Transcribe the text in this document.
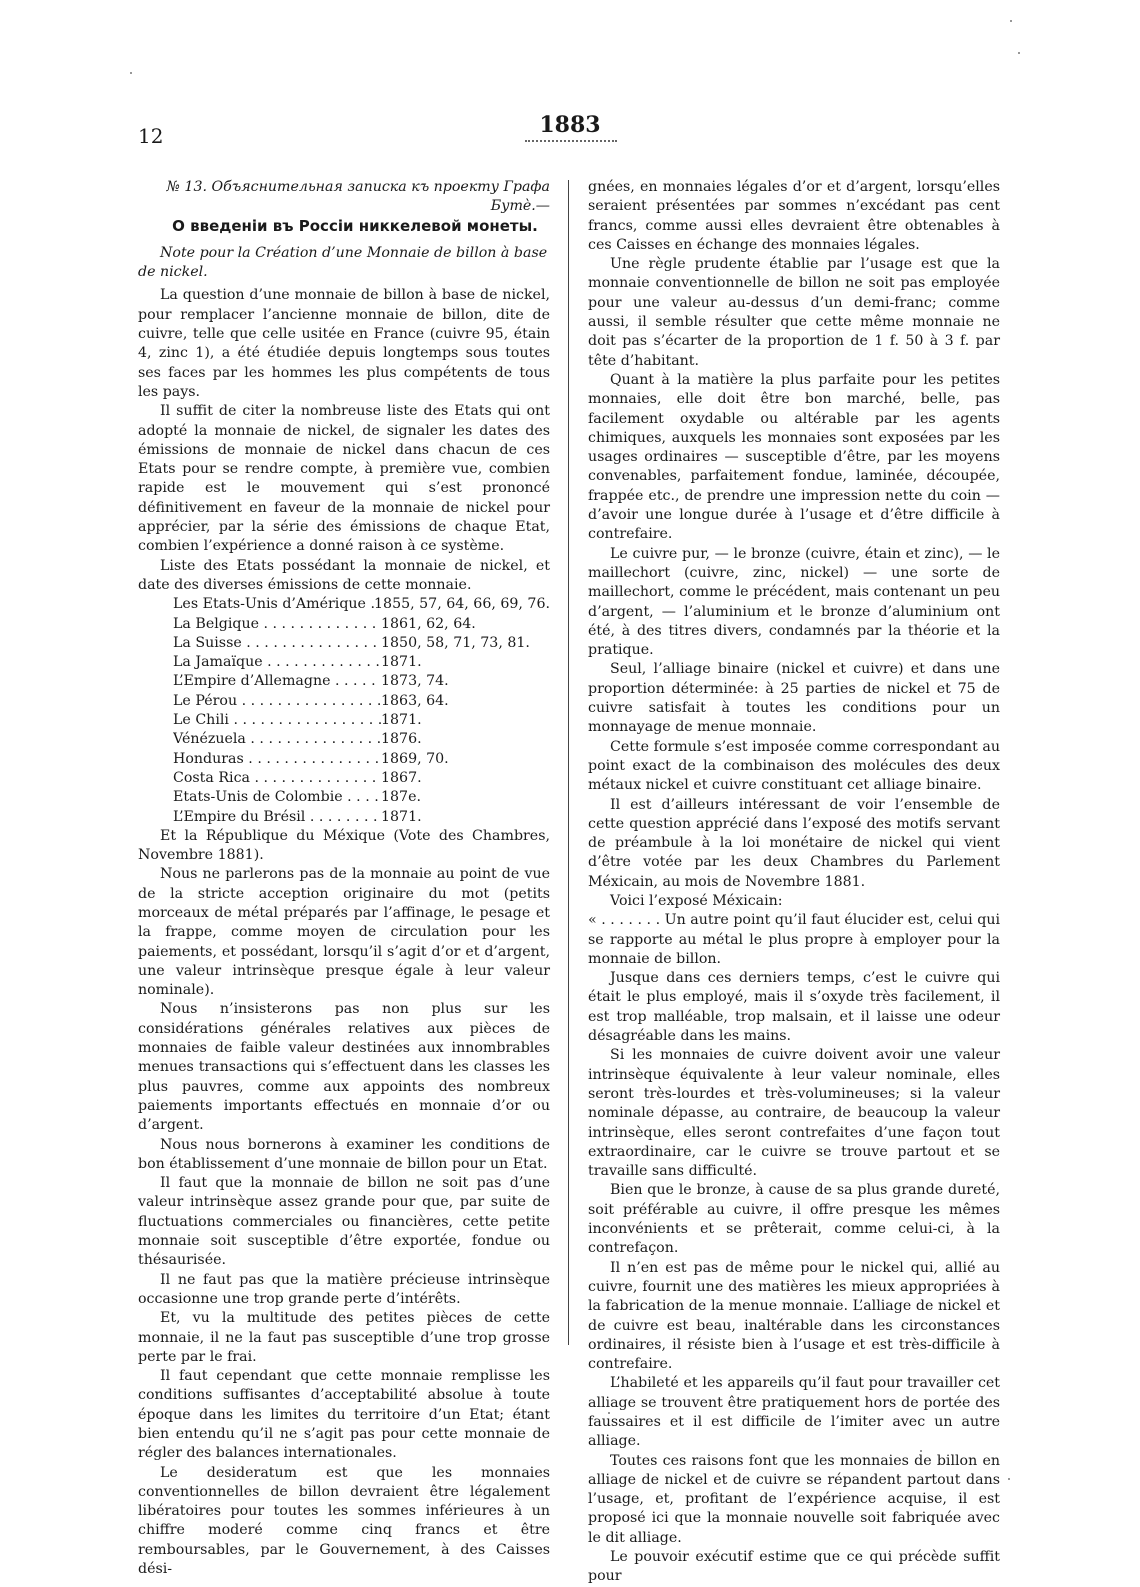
12	1883

№ 13. Объяснительная записка къ проекту Графа Бутè.—

О введеніи въ Россіи никкелевой монеты.

Note pour la Création d’une Monnaie de billon à base de nickel.

La question d’une monnaie de billon à base de nickel, pour remplacer l’ancienne monnaie de billon, dite de cuivre, telle que celle usitée en France (cuivre 95, étain 4, zinc 1), a été étudiée depuis longtemps sous toutes ses faces par les hommes les plus compétents de tous les pays.

Il suffit de citer la nombreuse liste des Etats qui ont adopté la monnaie de nickel, de signaler les dates des émissions de monnaie de nickel dans chacun de ces Etats pour se rendre compte, à première vue, combien rapide est le mouvement qui s’est prononcé définitivement en faveur de la monnaie de nickel pour apprécier, par la série des émissions de chaque Etat, combien l’expérience a donné raison à ce système.

Liste des Etats possédant la monnaie de nickel, et date des diverses émissions de cette monnaie.

Les Etats-Unis d’Amérique . . . 1855, 57, 64, 66, 69, 76.
La Belgique . . .	1861, 62, 64.
La Suisse . . .	1850, 58, 71, 73, 81.
La Jamaïque . . .	1871.
L’Empire d’Allemagne . . .	1873, 74.
Le Pérou . . .	1863, 64.
Le Chili . . .	1871.
Vénézuela . . .	1876.
Honduras . . .	1869, 70.
Costa Rica . . .	1867.
Etats-Unis de Colombie . . .	187e.
L’Empire du Brésil . . .	1871.

Et la République du Méxique (Vote des Chambres, Novembre 1881).

Nous ne parlerons pas de la monnaie au point de vue de la stricte acception originaire du mot (petits morceaux de métal préparés par l’affinage, le pesage et la frappe, comme moyen de circulation pour les paiements, et possédant, lorsqu’il s’agit d’or et d’argent, une valeur intrinsèque presque égale à leur valeur nominale).

Nous n’insisterons pas non plus sur les considérations générales relatives aux pièces de monnaies de faible valeur destinées aux innombrables menues transactions qui s’effectuent dans les classes les plus pauvres, comme aux appoints des nombreux paiements importants effectués en monnaie d’or ou d’argent.

Nous nous bornerons à examiner les conditions de bon établissement d’une monnaie de billon pour un Etat.

Il faut que la monnaie de billon ne soit pas d’une valeur intrinsèque assez grande pour que, par suite de fluctuations commerciales ou financières, cette petite monnaie soit susceptible d’être exportée, fondue ou thésaurisée.

Il ne faut pas que la matière précieuse intrinsèque occasionne une trop grande perte d’intérêts.

Et, vu la multitude des petites pièces de cette monnaie, il ne la faut pas susceptible d’une trop grosse perte par le frai.

Il faut cependant que cette monnaie remplisse les conditions suffisantes d’acceptabilité absolue à toute époque dans les limites du territoire d’un Etat; étant bien entendu qu’il ne s’agit pas pour cette monnaie de régler des balances internationales.

Le desideratum est que les monnaies conventionnelles de billon devraient être légalement libératoires pour toutes les sommes inférieures à un chiffre moderé comme cinq francs et être remboursables, par le Gouvernement, à des Caisses dési-

gnées, en monnaies légales d’or et d’argent, lorsqu’elles seraient présentées par sommes n’excédant pas cent francs, comme aussi elles devraient être obtenables à ces Caisses en échange des monnaies légales.

Une règle prudente établie par l’usage est que la monnaie conventionnelle de billon ne soit pas employée pour une valeur au-dessus d’un demi-franc; comme aussi, il semble résulter que cette même monnaie ne doit pas s’écarter de la proportion de 1 f. 50 à 3 f. par tête d’habitant.

Quant à la matière la plus parfaite pour les petites monnaies, elle doit être bon marché, belle, pas facilement oxydable ou altérable par les agents chimiques, auxquels les monnaies sont exposées par les usages ordinaires — susceptible d’être, par les moyens convenables, parfaitement fondue, laminée, découpée, frappée etc., de prendre une impression nette du coin — d’avoir une longue durée à l’usage et d’être difficile à contrefaire.

Le cuivre pur, — le bronze (cuivre, étain et zinc), — le maillechort (cuivre, zinc, nickel) — une sorte de maillechort, comme le précédent, mais contenant un peu d’argent, — l’aluminium et le bronze d’aluminium ont été, à des titres divers, condamnés par la théorie et la pratique.

Seul, l’alliage binaire (nickel et cuivre) et dans une proportion déterminée: à 25 parties de nickel et 75 de cuivre satisfait à toutes les conditions pour un monnayage de menue monnaie.

Cette formule s’est imposée comme correspondant au point exact de la combinaison des molécules des deux métaux nickel et cuivre constituant cet alliage binaire.

Il est d’ailleurs intéressant de voir l’ensemble de cette question apprécié dans l’exposé des motifs servant de préambule à la loi monétaire de nickel qui vient d’être votée par les deux Chambres du Parlement Méxicain, au mois de Novembre 1881.

Voici l’exposé Méxicain:

« . . . . . . . Un autre point qu’il faut élucider est, celui qui se rapporte au métal le plus propre à employer pour la monnaie de billon.

Jusque dans ces derniers temps, c’est le cuivre qui était le plus employé, mais il s’oxyde très facilement, il est trop malléable, trop malsain, et il laisse une odeur désagréable dans les mains.

Si les monnaies de cuivre doivent avoir une valeur intrinsèque équivalente à leur valeur nominale, elles seront très-lourdes et très-volumineuses; si la valeur nominale dépasse, au contraire, de beaucoup la valeur intrinsèque, elles seront contrefaites d’une façon tout extraordinaire, car le cuivre se trouve partout et se travaille sans difficulté.

Bien que le bronze, à cause de sa plus grande dureté, soit préférable au cuivre, il offre presque les mêmes inconvénients et se prêterait, comme celui-ci, à la contrefaçon.

Il n’en est pas de même pour le nickel qui, allié au cuivre, fournit une des matières les mieux appropriées à la fabrication de la menue monnaie. L’alliage de nickel et de cuivre est beau, inaltérable dans les circonstances ordinaires, il résiste bien à l’usage et est très-difficile à contrefaire.

L’habileté et les appareils qu’il faut pour travailler cet alliage se trouvent être pratiquement hors de portée des faussaires et il est difficile de l’imiter avec un autre alliage.

Toutes ces raisons font que les monnaies de billon en alliage de nickel et de cuivre se répandent partout dans l’usage, et, profitant de l’expérience acquise, il est proposé ici que la monnaie nouvelle soit fabriquée avec le dit alliage.

Le pouvoir exécutif estime que ce qui précède suffit pour
